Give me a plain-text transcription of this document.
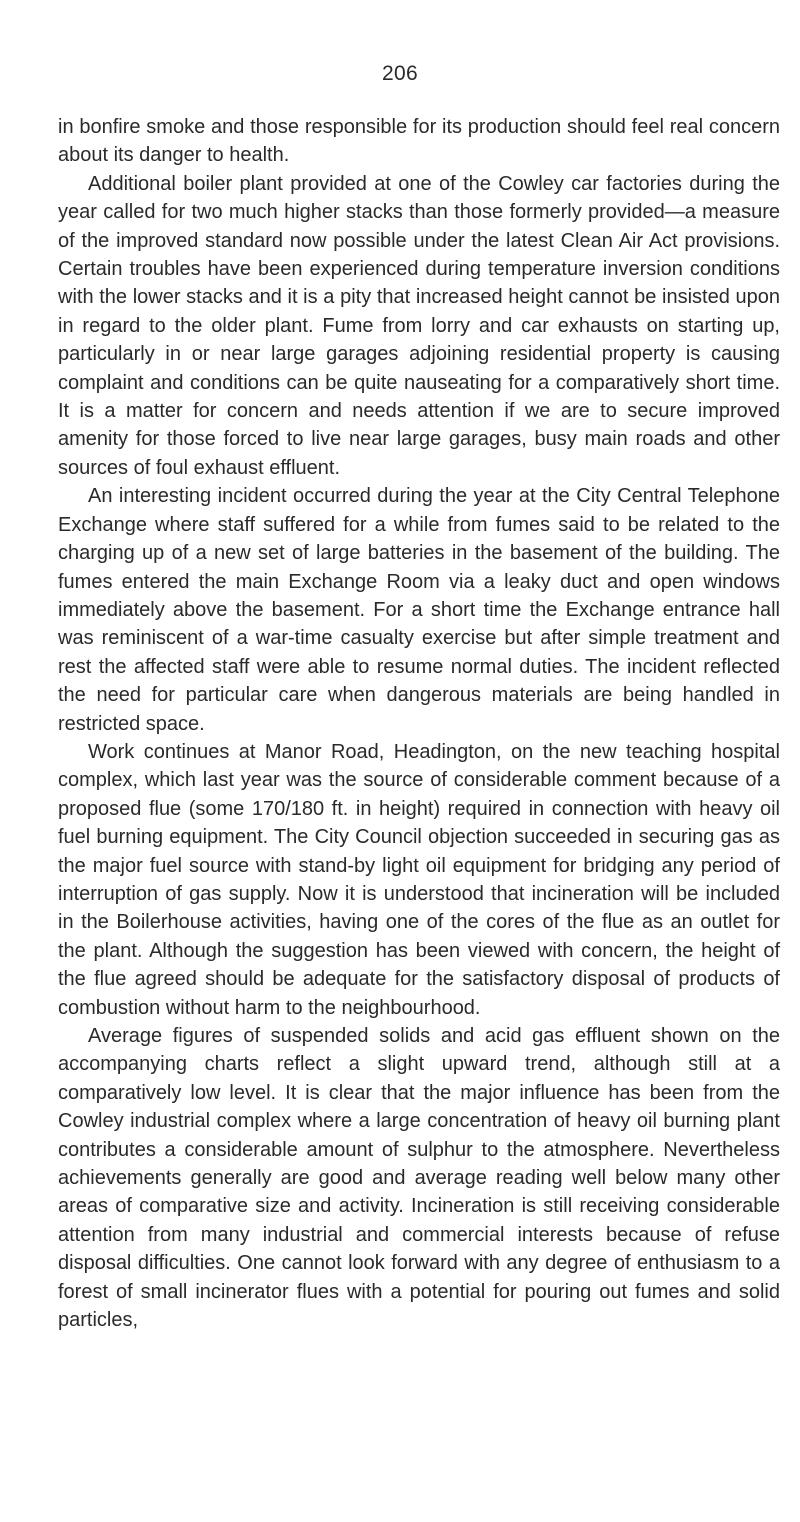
206

in bonfire smoke and those responsible for its production should feel real concern about its danger to health.

Additional boiler plant provided at one of the Cowley car factories during the year called for two much higher stacks than those formerly provided—a measure of the improved standard now possible under the latest Clean Air Act provisions. Certain troubles have been experienced during temperature inversion conditions with the lower stacks and it is a pity that increased height cannot be insisted upon in regard to the older plant. Fume from lorry and car exhausts on starting up, particularly in or near large garages adjoining residential property is causing complaint and conditions can be quite nauseating for a comparatively short time. It is a matter for concern and needs attention if we are to secure improved amenity for those forced to live near large garages, busy main roads and other sources of foul exhaust effluent.

An interesting incident occurred during the year at the City Central Telephone Exchange where staff suffered for a while from fumes said to be related to the charging up of a new set of large batteries in the basement of the building. The fumes entered the main Exchange Room via a leaky duct and open windows immediately above the basement. For a short time the Exchange entrance hall was reminiscent of a war-time casualty exercise but after simple treatment and rest the affected staff were able to resume normal duties. The incident reflected the need for particular care when dangerous materials are being handled in restricted space.

Work continues at Manor Road, Headington, on the new teaching hospital complex, which last year was the source of considerable comment because of a proposed flue (some 170/180 ft. in height) required in connection with heavy oil fuel burning equipment. The City Council objection succeeded in securing gas as the major fuel source with stand-by light oil equipment for bridging any period of interruption of gas supply. Now it is understood that incineration will be included in the Boilerhouse activities, having one of the cores of the flue as an outlet for the plant. Although the suggestion has been viewed with concern, the height of the flue agreed should be adequate for the satisfactory disposal of products of combustion without harm to the neighbourhood.

Average figures of suspended solids and acid gas effluent shown on the accompanying charts reflect a slight upward trend, although still at a comparatively low level. It is clear that the major influence has been from the Cowley industrial complex where a large concentration of heavy oil burning plant contributes a considerable amount of sulphur to the atmosphere. Nevertheless achievements generally are good and average reading well below many other areas of comparative size and activity. Incineration is still receiving considerable attention from many industrial and commercial interests because of refuse disposal difficulties. One cannot look forward with any degree of enthusiasm to a forest of small incinerator flues with a potential for pouring out fumes and solid particles,
